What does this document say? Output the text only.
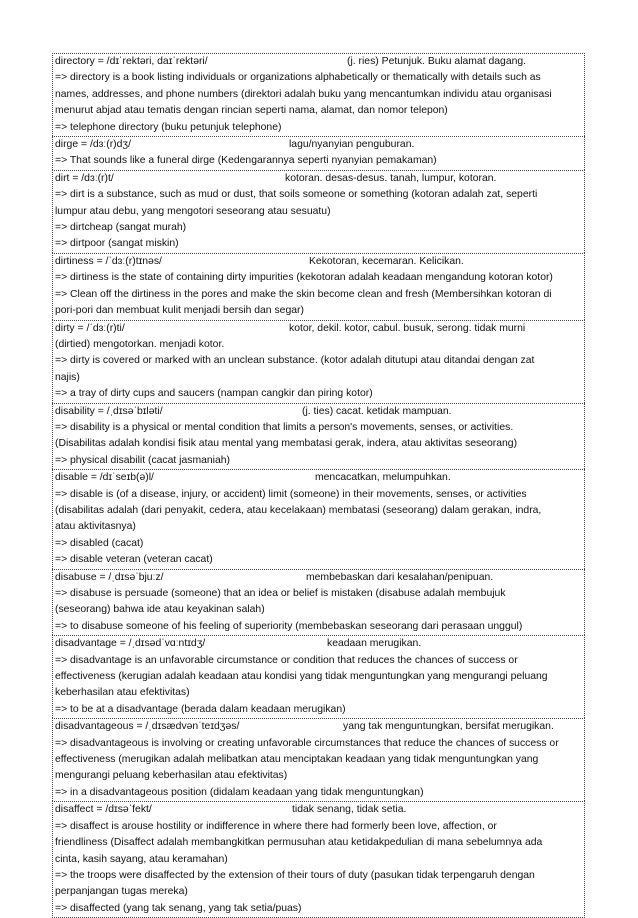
directory = /dɪˈrektəri, daɪˈrektəri/	(j. ries) Petunjuk. Buku alamat dagang.
=> directory is a book listing individuals or organizations alphabetically or thematically with details such as
names, addresses, and phone numbers (direktori adalah buku yang mencantumkan individu atau organisasi
menurut abjad atau tematis dengan rincian seperti nama, alamat, dan nomor telepon)
=> telephone directory (buku petunjuk telephone)
dirge = /dɜː(r)dʒ/	lagu/nyanyian penguburan.
=> That sounds like a funeral dirge (Kedengarannya seperti nyanyian pemakaman)
dirt = /dɜː(r)t/	kotoran. desas-desus. tanah, lumpur, kotoran.
=> dirt is a substance, such as mud or dust, that soils someone or something (kotoran adalah zat, seperti
lumpur atau debu, yang mengotori seseorang atau sesuatu)
=> dirtcheap (sangat murah)
=> dirtpoor (sangat miskin)
dirtiness = /ˈdɜː(r)tɪnəs/	Kekotoran, kecemaran. Kelicikan.
=> dirtiness is the state of containing dirty impurities (kekotoran adalah keadaan mengandung kotoran kotor)
=> Clean off the dirtiness in the pores and make the skin become clean and fresh (Membersihkan kotoran di
pori-pori dan membuat kulit menjadi bersih dan segar)
dirty = /ˈdɜː(r)ti/	kotor, dekil. kotor, cabul. busuk, serong. tidak murni
(dirtied) mengotorkan. menjadi kotor.
=> dirty is covered or marked with an unclean substance. (kotor adalah ditutupi atau ditandai dengan zat
najis)
=> a tray of dirty cups and saucers (nampan cangkir dan piring kotor)
disability = /ˌdɪsəˈbɪləti/	(j. ties) cacat. ketidak mampuan.
=> disability is a physical or mental condition that limits a person's movements, senses, or activities.
(Disabilitas adalah kondisi fisik atau mental yang membatasi gerak, indera, atau aktivitas seseorang)
=> physical disabilit (cacat jasmaniah)
disable = /dɪˈseɪb(ə)l/	mencacatkan, melumpuhkan.
=> disable is (of a disease, injury, or accident) limit (someone) in their movements, senses, or activities
(disabilitas adalah (dari penyakit, cedera, atau kecelakaan) membatasi (seseorang) dalam gerakan, indra,
atau aktivitasnya)
=> disabled (cacat)
=> disable veteran (veteran cacat)
disabuse = /ˌdɪsəˈbjuːz/	membebaskan dari kesalahan/penipuan.
=> disabuse is persuade (someone) that an idea or belief is mistaken (disabuse adalah membujuk
(seseorang) bahwa ide atau keyakinan salah)
=> to disabuse someone of his feeling of superiority (membebaskan seseorang dari perasaan unggul)
disadvantage = /ˌdɪsədˈvɑːntɪdʒ/	keadaan merugikan.
=> disadvantage is an unfavorable circumstance or condition that reduces the chances of success or
effectiveness (kerugian adalah keadaan atau kondisi yang tidak menguntungkan yang mengurangi peluang
keberhasilan atau efektivitas)
=> to be at a disadvantage (berada dalam keadaan merugikan)
disadvantageous = /ˌdɪsædvənˈteɪdʒəs/	yang tak menguntungkan, bersifat merugikan.
=> disadvantageous is involving or creating unfavorable circumstances that reduce the chances of success or
effectiveness (merugikan adalah melibatkan atau menciptakan keadaan yang tidak menguntungkan yang
mengurangi peluang keberhasilan atau efektivitas)
=> in a disadvantageous position (didalam keadaan yang tidak menguntungkan)
disaffect = /dɪsəˈfekt/	tidak senang, tidak setia.
=> disaffect is arouse hostility or indifference in where there had formerly been love, affection, or
friendliness (Disaffect adalah membangkitkan permusuhan atau ketidakpedulian di mana sebelumnya ada
cinta, kasih sayang, atau keramahan)
=> the troops were disaffected by the extension of their tours of duty (pasukan tidak terpengaruh dengan
perpanjangan tugas mereka)
=> disaffected (yang tak senang, yang tak setia/puas)
